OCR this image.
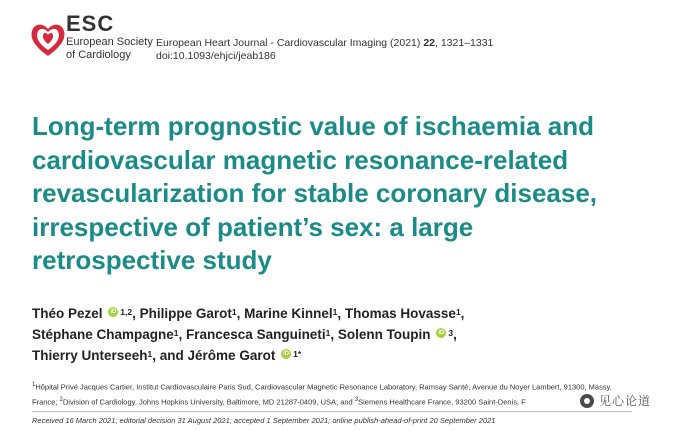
ESC
European Society
of Cardiology
European Heart Journal - Cardiovascular Imaging (2021) 22, 1321–1331
doi:10.1093/ehjci/jeab186
Long-term prognostic value of ischaemia and
cardiovascular magnetic resonance-related
revascularization for stable coronary disease,
irrespective of patient’s sex: a large
retrospective study
Théo Pezel iD $^{1,2}$, Philippe Garot$^1$, Marine Kinnel$^1$, Thomas Hovasse$^1$,
Stéphane Champagne$^1$, Francesca Sanguineti$^1$, Solenn Toupin iD $^3$,
Thierry Unterseeh$^1$, and Jérôme Garot iD $^{1*}$
$^1$Hôpital Privé Jacques Cartier, Institut Cardiovasculaire Paris Sud, Cardiovascular Magnetic Resonance Laboratory, Ramsay Santé, Avenue du Noyer Lambert, 91300, Massy,
France; $^2$Division of Cardiology, Johns Hopkins University, Baltimore, MD 21287-0409, USA; and $^3$Siemens Healthcare France, 93200 Saint-Denis, F
Received 16 March 2021; editorial decision 31 August 2021; accepted 1 September 2021; online publish-ahead-of-print 20 September 2021
见心论道
